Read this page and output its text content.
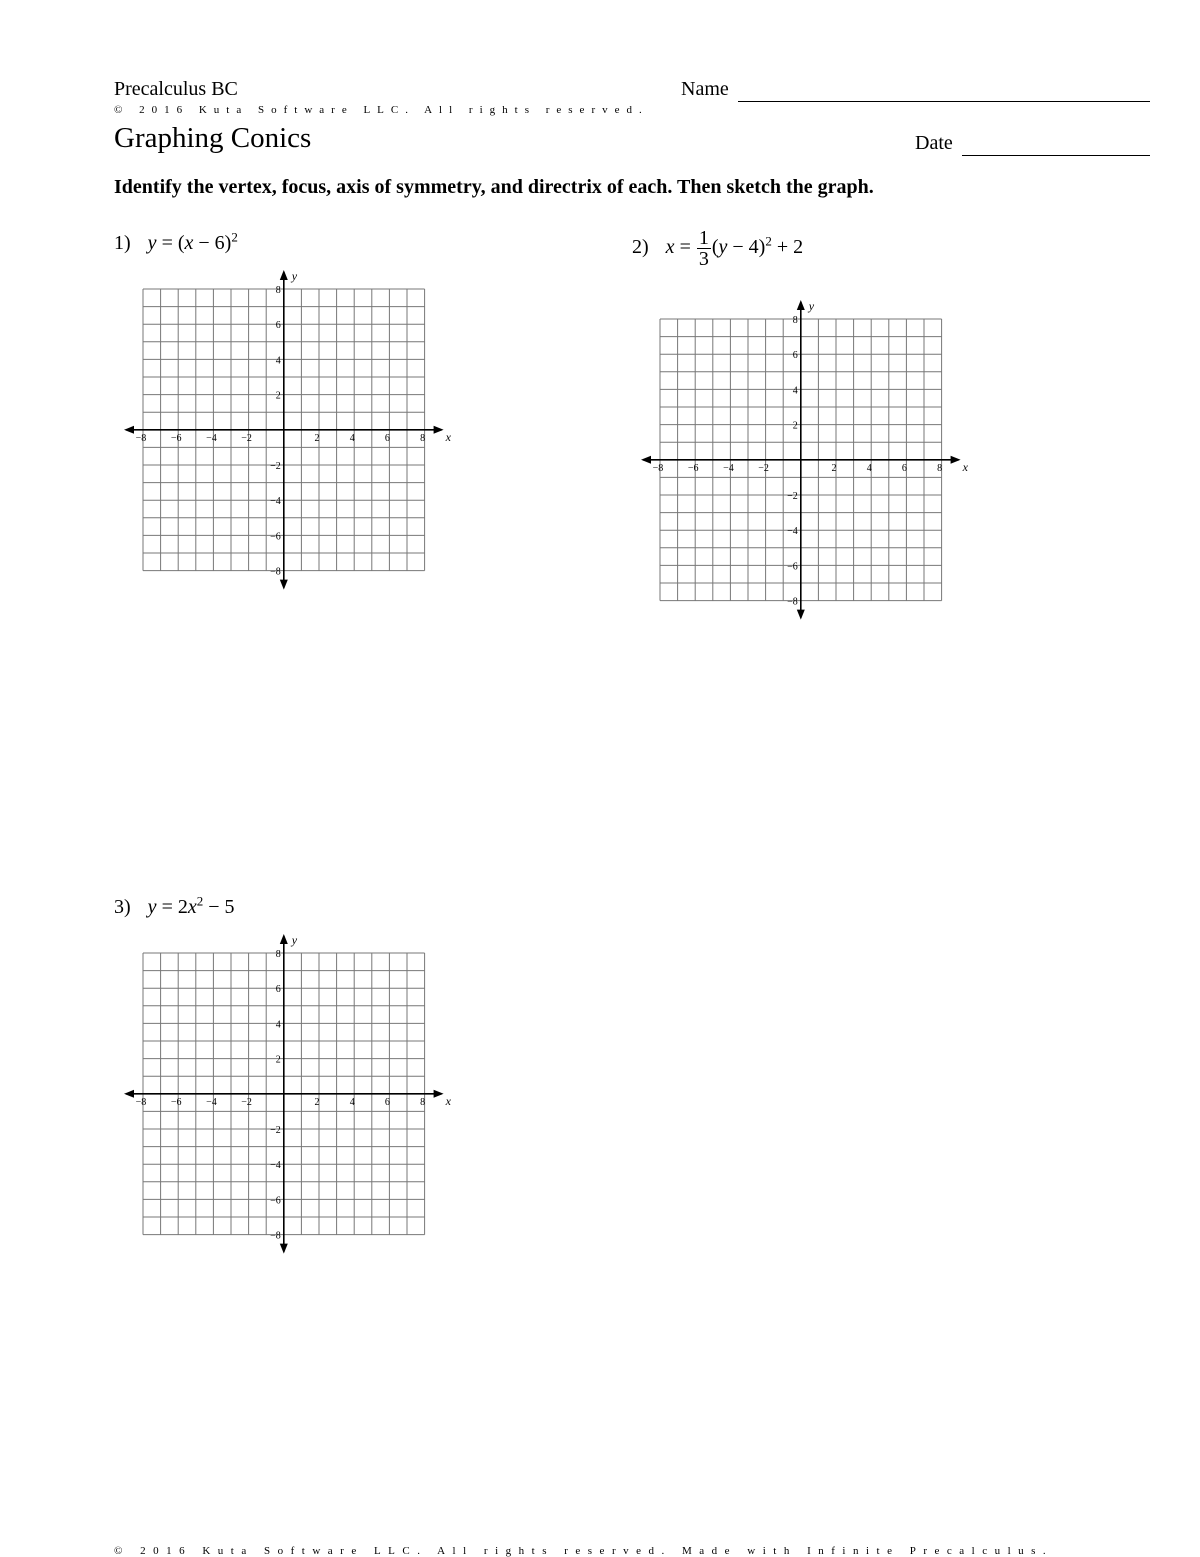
Precalculus BC	Name
© 2016 Kuta Software LLC. All rights reserved.
Graphing Conics	Date
Identify the vertex, focus, axis of symmetry, and directrix of each. Then sketch the graph.
1) $y = (x - 6)^2$
−8
−8
−6
−6
−4
−4
−2
−2
2
2
4
4
6
6
8
8
x
y
2) $x = \frac{1}{3} (y - 4)^2 + 2$
−8
−8
−6
−6
−4
−4
−2
−2
2
2
4
4
6
6
8
8
x
y
3) $y = 2x^2 - 5$
−8
−8
−6
−6
−4
−4
−2
−2
2
2
4
4
6
6
8
8
x
y
© 2016 Kuta Software LLC. All rights reserved. Made with Infinite Precalculus.
